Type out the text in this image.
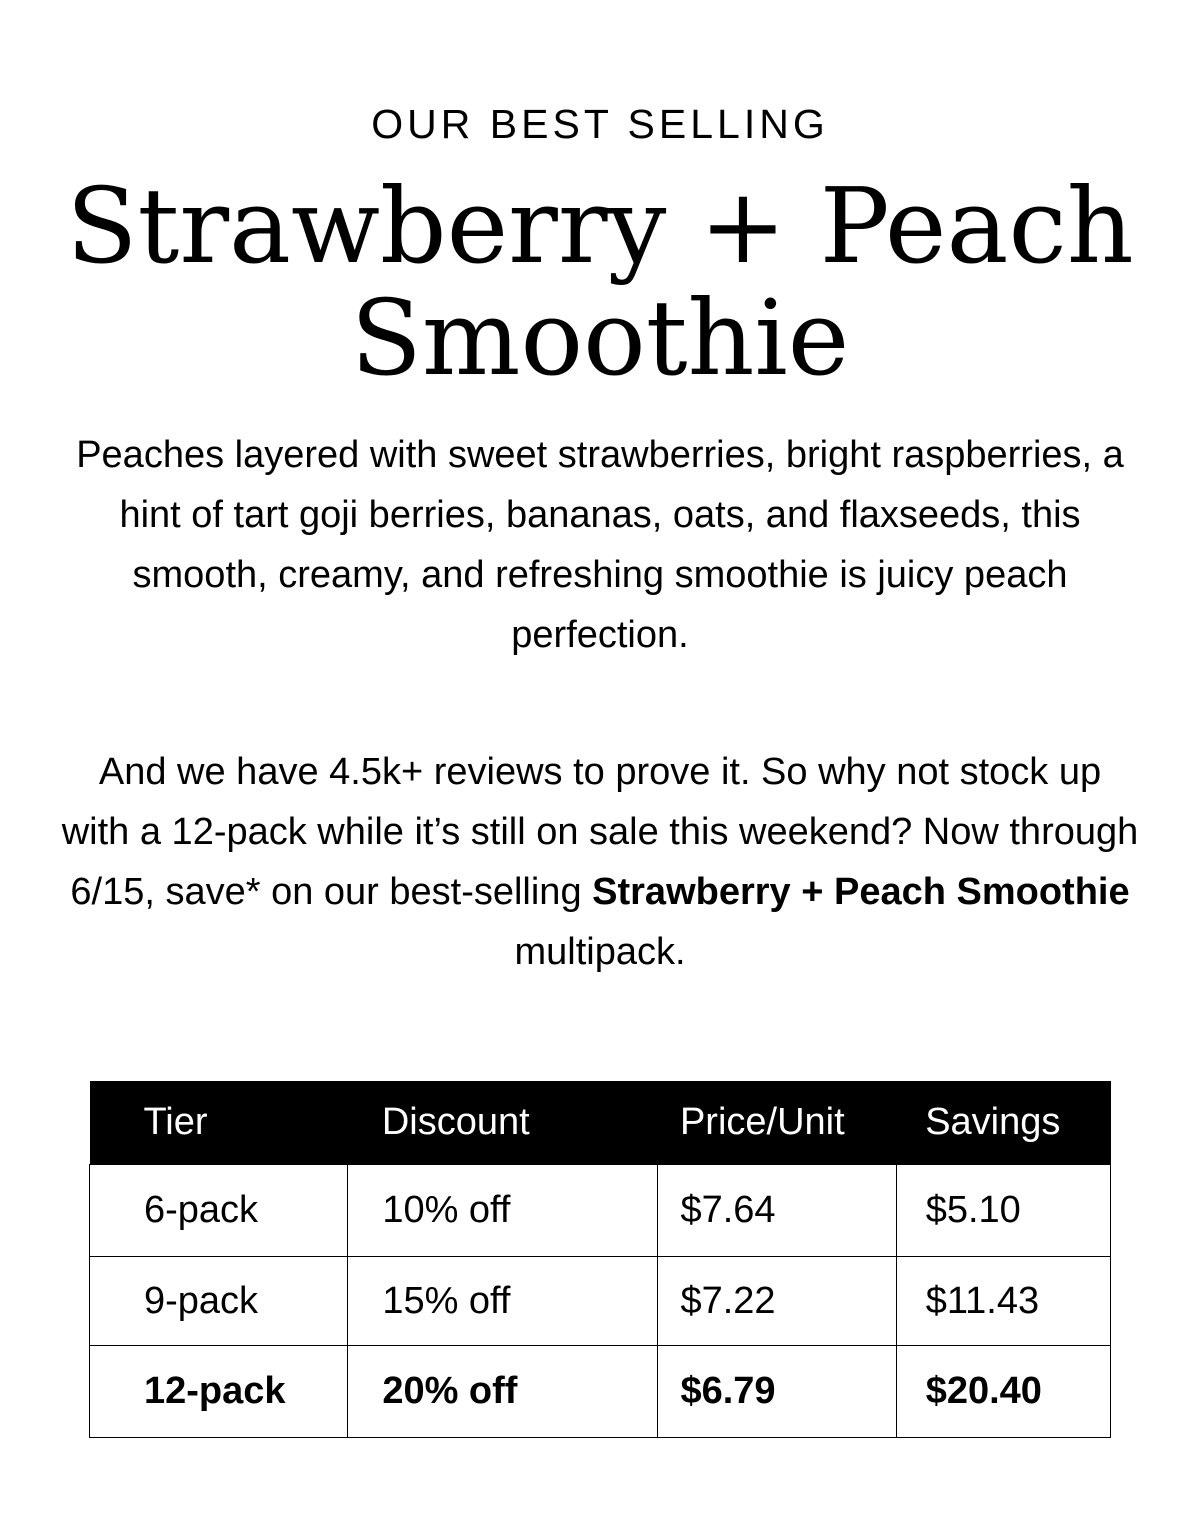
OUR BEST SELLING
Strawberry + Peach
Smoothie

Peaches layered with sweet strawberries, bright raspberries, a hint of tart goji berries, bananas, oats, and flaxseeds, this smooth, creamy, and refreshing smoothie is juicy peach perfection.

And we have 4.5k+ reviews to prove it. So why not stock up with a 12-pack while it’s still on sale this weekend? Now through 6/15, save* on our best-selling Strawberry + Peach Smoothie multipack.

Tier	Discount	Price/Unit	Savings

6-pack	10% off	$7.64	$5.10

9-pack	15% off	$7.22	$11.43

12-pack	20% off	$6.79	$20.40
